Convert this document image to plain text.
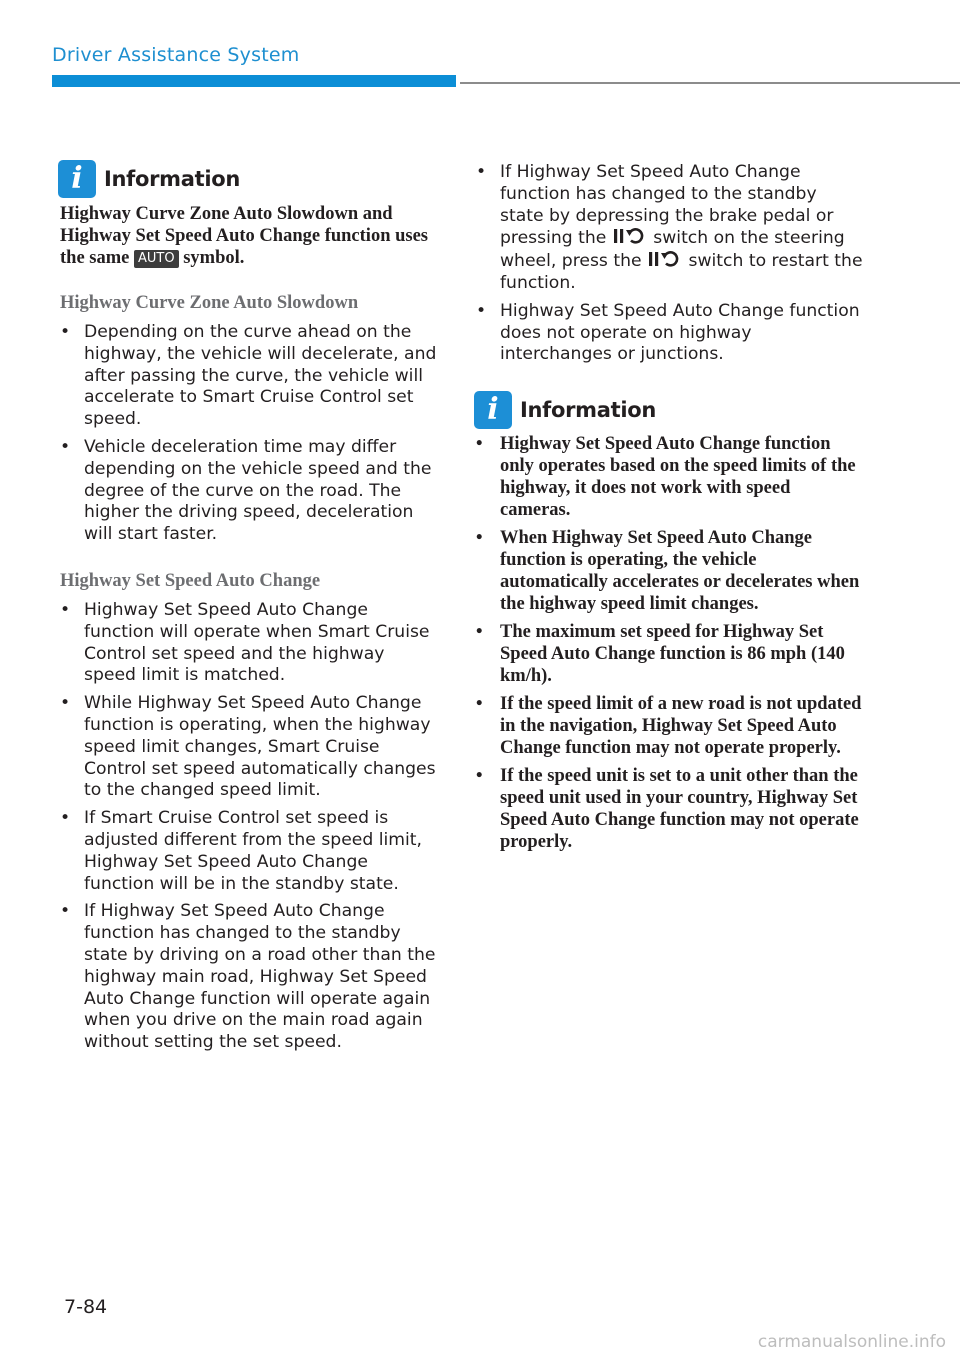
Driver Assistance System
i Information
Highway Curve Zone Auto Slowdown and Highway Set Speed Auto Change function uses the same AUTO symbol.
Highway Curve Zone Auto Slowdown
• Depending on the curve ahead on the highway, the vehicle will decelerate, and after passing the curve, the vehicle will accelerate to Smart Cruise Control set speed.
• Vehicle deceleration time may differ depending on the vehicle speed and the degree of the curve on the road. The higher the driving speed, deceleration will start faster.
Highway Set Speed Auto Change
• Highway Set Speed Auto Change function will operate when Smart Cruise Control set speed and the highway speed limit is matched.
• While Highway Set Speed Auto Change function is operating, when the highway speed limit changes, Smart Cruise Control set speed automatically changes to the changed speed limit.
• If Smart Cruise Control set speed is adjusted different from the speed limit, Highway Set Speed Auto Change function will be in the standby state.
• If Highway Set Speed Auto Change function has changed to the standby state by driving on a road other than the highway main road, Highway Set Speed Auto Change function will operate again when you drive on the main road again without setting the set speed.
• If Highway Set Speed Auto Change function has changed to the standby state by depressing the brake pedal or pressing the	switch on the steering wheel, press the	switch to restart the function.
• Highway Set Speed Auto Change function does not operate on highway interchanges or junctions.
i Information
• Highway Set Speed Auto Change function only operates based on the speed limits of the highway, it does not work with speed cameras.
• When Highway Set Speed Auto Change function is operating, the vehicle automatically accelerates or decelerates when the highway speed limit changes.
• The maximum set speed for Highway Set Speed Auto Change function is 86 mph (140 km/h).
• If the speed limit of a new road is not updated in the navigation, Highway Set Speed Auto Change function may not operate properly.
• If the speed unit is set to a unit other than the speed unit used in your country, Highway Set Speed Auto Change function may not operate properly.
7-84
carmanualsonline.info
